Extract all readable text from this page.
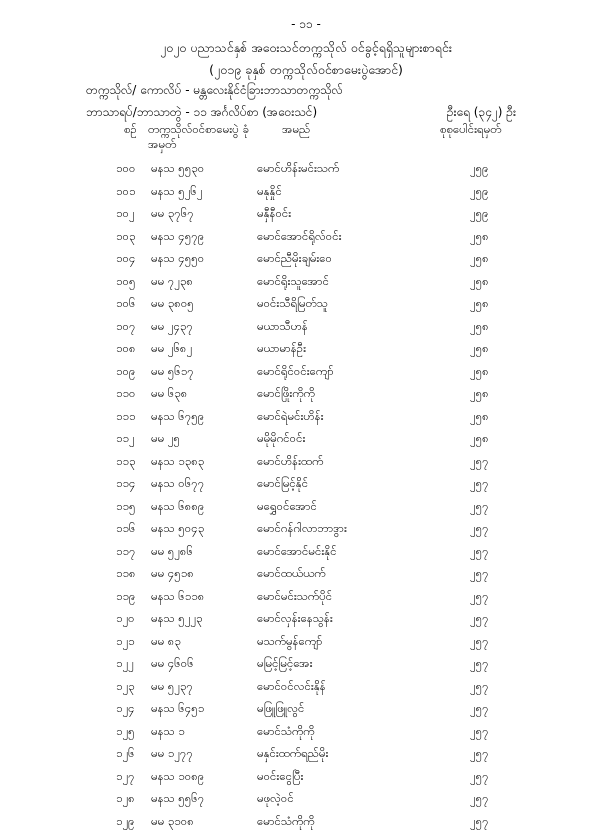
- ၁၁ -
၂၀၂၀ ပညာသင်နှစ် အဝေးသင်တက္ကသိုလ် ဝင်ခွင့်ရရှိသူများစာရင်း
(၂၀၁၉ ခုနှစ် တက္ကသိုလ်ဝင်စာမေးပွဲအောင်)
တက္ကသိုလ်/ ကောလိပ် - မန္တလေးနိုင်ငံခြားဘာသာတက္ကသိုလ်
ဘာသာရပ်/ဘာသာတွဲ - ၁၁ အင်္ဂလိပ်စာ (အဝေးသင်)	ဦးရေ (၃၄၂) ဦး
စဉ် တက္ကသိုလ်ဝင်စာမေးပွဲ ခုံအမှတ်
အမည်	စုစုပေါင်းရမှတ်
၁၀၀ မနသ ၅၅၃၀	မောင်ဟိန်းမင်းသက်	၂၅၉
၁၀၁ မနသ ၅၂၆၂	မနုနှိုင်	၂၅၉
၁၀၂ မမ ၃၇၆၇	မနှီနီဝင်း	၂၅၉
၁၀၃ မနသ ၄၅၇၉	မောင်အောင်ရိုလ်ဝင်း	၂၅၈
၁၀၄ မနသ ၄၅၅၀	မောင်ညီမိုးချမ်းဝေ	၂၅၈
၁၀၅ မမ ၇၂၃၈	မောင်ရိုးသူအောင်	၂၅၈
၁၀၆ မမ ၃၈၀၅	မဝင်းသီရိမြတ်သူ	၂၅၈
၁၀၇ မမ ၂၄၃၇	မယာသီဟန်	၂၅၈
၁၀၈ မမ ၂၆၈၂	မယာမာန်ဦး	၂၅၈
၁၀၉ မမ ၅၆၁၇	မောင်ရိုင်ဝင်းကျော်	၂၅၈
၁၁၀ မမ ၆၃၈	မောင်ဖြိုးကိုကို	၂၅၈
၁၁၁ မနသ ၆၇၅၉	မောင်ရဲမင်းဟိန်း	၂၅၈
၁၁၂ မမ ၂၅	မမိုမိုဂင်ဝင်း	၂၅၈
၁၁၃ မနသ ၁၃၈၃	မောင်ဟိန်းထက်	၂၅၇
၁၁၄ မနသ ၀၆၇၇	မောင်မြင့်နိုင်	၂၅၇
၁၁၅ မနသ ၆၈၈၉	မရွှေဝင်အောင်	၂၅၇
၁၁၆ မနသ ၅၀၄၃	မောင်ဂန်ဂါလာဘာဒွား	၂၅၇
၁၁၇ မမ ၅၂၈၆	မောင်အောင်မင်းနိုင်	၂၅၇
၁၁၈ မမ ၄၅၁၈	မောင်ထယ်ယက်	၂၅၇
၁၁၉ မနသ ၆၁၁၈	မောင်မင်းသက်ပိုင်	၂၅၇
၁၂၀ မနသ ၅၂၂၃	မောင်လှန်းနေသွန်း	၂၅၇
၁၂၁ မမ ၈၃	မသက်မွန်ကျော်	၂၅၇
၁၂၂ မမ ၄၆၀၆	မမြင့်မြင့်အေး	၂၅၇
၁၂၃ မမ ၅၂၃၇	မောင်ဝင်လင်းနိုန်	၂၅၇
၁၂၄ မနသ ၆၄၅၁	မဖြူဖြူလွင်	၂၅၇
၁၂၅ မနသ ၁	မောင်သံကိုကို	၂၅၇
၁၂၆ မမ ၁၂၇၇	မနှင်းထက်ရည်မိုး	၂၅၇
၁၂၇ မနသ ၁၀၈၉	မဝင်းငွေပြီး	၂၅၇
၁၂၈ မနသ ၅၅၆၇	မဖုလဲ့ဝင်	၂၅၇
၁၂၉ မမ ၃၁၀၈	မောင်သံကိုကို	၂၅၇
